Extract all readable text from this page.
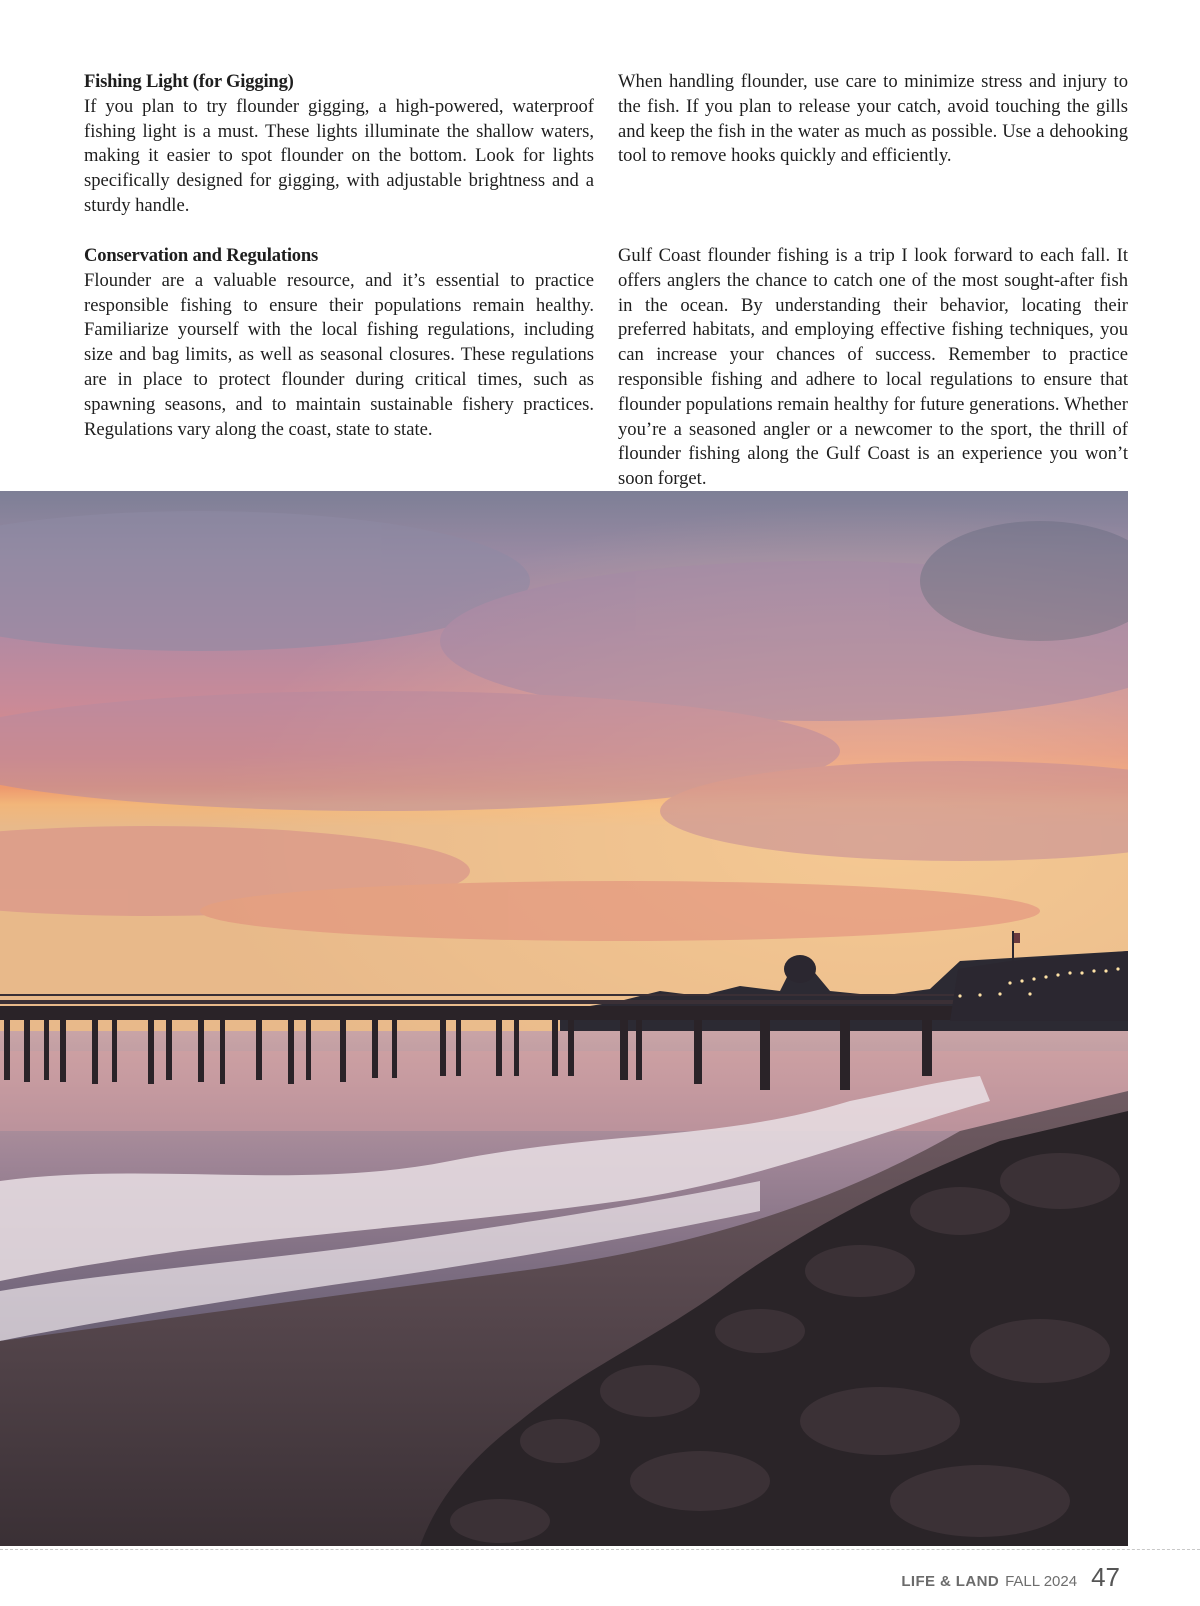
Fishing Light (for Gigging)

If you plan to try flounder gigging, a high-powered, waterproof fishing light is a must. These lights illuminate the shallow waters, making it easier to spot flounder on the bottom. Look for lights specifically designed for gigging, with adjustable brightness and a sturdy handle.

Conservation and Regulations

Flounder are a valuable resource, and it’s essential to practice responsible fishing to ensure their populations remain healthy. Familiarize yourself with the local fishing regulations, including size and bag limits, as well as seasonal closures. These regulations are in place to protect flounder during critical times, such as spawning seasons, and to maintain sustainable fishery practices. Regulations vary along the coast, state to state.

When handling flounder, use care to minimize stress and injury to the fish. If you plan to release your catch, avoid touching the gills and keep the fish in the water as much as possible. Use a dehooking tool to remove hooks quickly and efficiently.

Gulf Coast flounder fishing is a trip I look forward to each fall. It offers anglers the chance to catch one of the most sought-after fish in the ocean. By understanding their behavior, locating their preferred habitats, and employing effective fishing techniques, you can increase your chances of success. Remember to practice responsible fishing and adhere to local regulations to ensure that flounder populations remain healthy for future generations. Whether you’re a seasoned angler or a newcomer to the sport, the thrill of flounder fishing along the Gulf Coast is an experience you won’t soon forget.

LIFE & LAND FALL 2024 47
